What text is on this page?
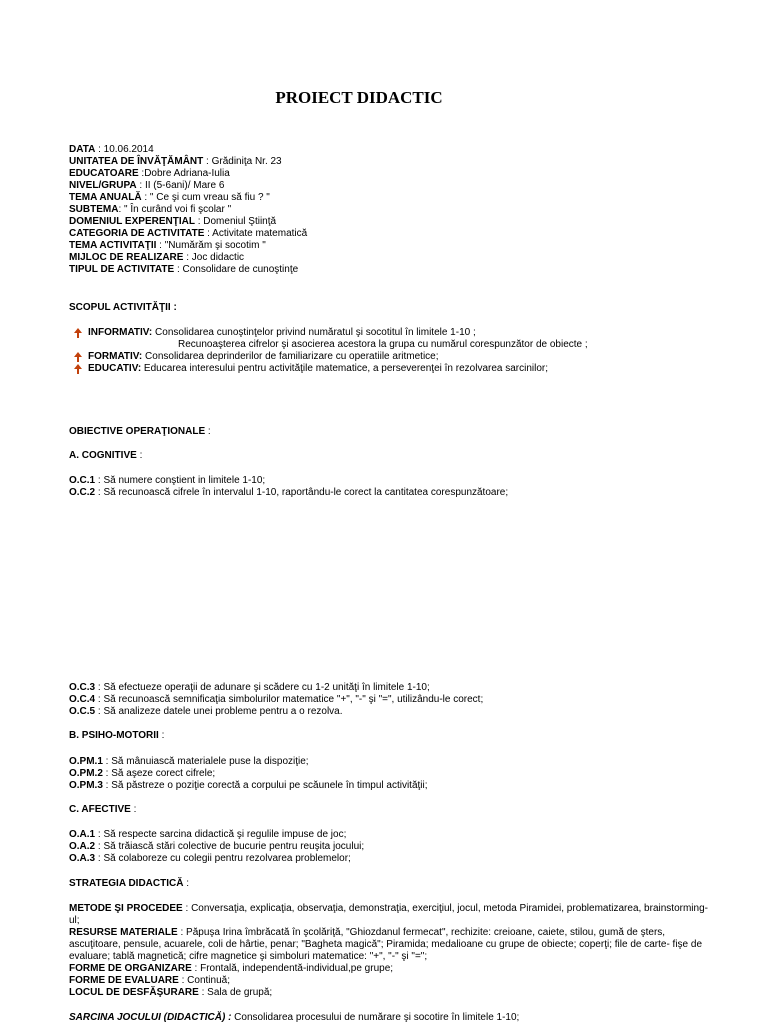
PROIECT DIDACTIC
DATA : 10.06.2014
UNITATEA DE ÎNVĂŢĂMÂNT : Grădiniţa Nr. 23
EDUCATOARE :Dobre Adriana-Iulia
NIVEL/GRUPA : II (5-6ani)/ Mare 6
TEMA ANUALĂ : " Ce şi cum vreau să fiu ? "
SUBTEMA: " În curând voi fi şcolar "
DOMENIUL EXPERENŢIAL : Domeniul Ştiinţă
CATEGORIA DE ACTIVITATE : Activitate matematică
TEMA ACTIVITAŢII : "Numărăm şi socotim "
MIJLOC DE REALIZARE : Joc didactic
TIPUL DE ACTIVITATE : Consolidare de cunoştinţe
SCOPUL ACTIVITĂŢII :
INFORMATIV: Consolidarea cunoştinţelor privind număratul şi socotitul în limitele 1-10 ;
Recunoaşterea cifrelor şi asocierea acestora la grupa cu numărul corespunzător de obiecte ;
FORMATIV: Consolidarea deprinderilor de familiarizare cu operatiile aritmetice;
EDUCATIV: Educarea interesului pentru activităţile matematice, a perseverenţei în rezolvarea sarcinilor;
OBIECTIVE OPERAŢIONALE :
A. COGNITIVE :
O.C.1 : Să numere conştient in limitele 1-10;
O.C.2 : Să recunoască cifrele în intervalul 1-10, raportându-le corect la cantitatea corespunzătoare;
O.C.3 : Să efectueze operaţii de adunare şi scădere cu 1-2 unităţi în limitele 1-10;
O.C.4 : Să recunoască semnificaţia simbolurilor matematice "+", "-" şi "=", utilizându-le corect;
O.C.5 : Să analizeze datele unei probleme pentru a o rezolva.
B. PSIHO-MOTORII :
O.PM.1 : Să mânuiască materialele puse la dispoziţie;
O.PM.2 : Să aşeze corect cifrele;
O.PM.3 : Să păstreze o poziţie corectă a corpului pe scăunele în timpul activităţii;
C. AFECTIVE :
O.A.1 : Să respecte sarcina didactică şi regulile impuse de joc;
O.A.2 : Să trăiască stări colective de bucurie pentru reuşita jocului;
O.A.3 : Să colaboreze cu colegii pentru rezolvarea problemelor;
STRATEGIA DIDACTICĂ :
METODE ŞI PROCEDEE : Conversaţia, explicaţia, observaţia, demonstraţia, exerciţiul, jocul, metoda Piramidei, problematizarea, brainstorming-ul;
RESURSE MATERIALE : Păpuşa Irina îmbrăcată în şcolăriţă, "Ghiozdanul fermecat", rechizite: creioane, caiete, stilou, gumă de şters, ascuţitoare, pensule, acuarele, coli de hârtie, penar; "Bagheta magică"; Piramida; medalioane cu grupe de obiecte; coperţi; file de carte- fişe de evaluare; tablă magnetică; cifre magnetice şi simboluri matematice: "+", "-" şi "=";
FORME DE ORGANIZARE : Frontală, independentă-individual,pe grupe;
FORME DE EVALUARE : Continuă;
LOCUL DE DESFĂŞURARE : Sala de grupă;
SARCINA JOCULUI (DIDACTICĂ) : Consolidarea procesului de numărare şi socotire în limitele 1-10;
